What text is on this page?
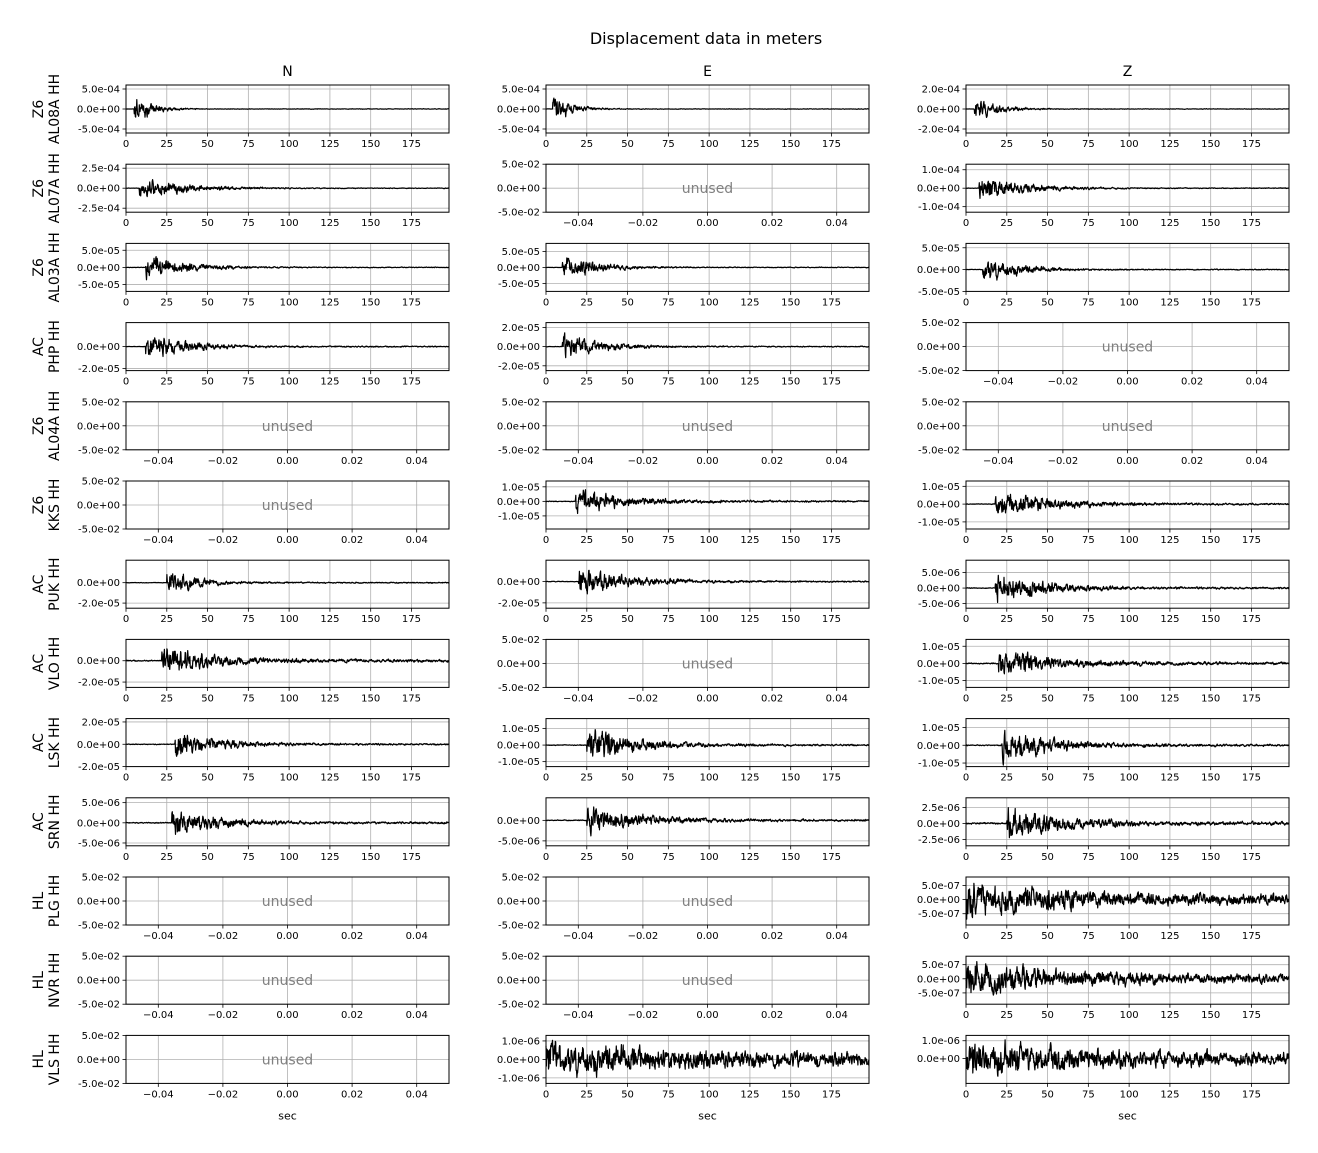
Displacement data in meters
N	E	Z
Z6AL08A HH
Z6AL07A HH
Z6AL03A HH
ACPHP HH
Z6AL04A HH
Z6KKS HH
ACPUK HH
ACVLO HH
ACLSK HH
ACSRN HH
HLPLG HH
HLNVR HH
HLVLS HH
0	25	50	75 100 125 150 175
-5.0e-04
0.0e+00
5.0e-04
0	25	50	75 100 125 150 175
-2.5e-04
0.0e+00
2.5e-04
0	25	50	75 100 125 150 175
-5.0e-05
0.0e+00
5.0e-05
0	25	50	75 100 125 150 175
-2.0e-05
0.0e+00
unused
−0.04	−0.02	0.00	0.02	0.04
-5.0e-02
0.0e+00
5.0e-02
unused
−0.04	−0.02	0.00	0.02	0.04
-5.0e-02
0.0e+00
5.0e-02
0	25	50	75 100 125 150 175
-2.0e-05
0.0e+00
0	25	50	75 100 125 150 175
-2.0e-05
0.0e+00
0	25	50	75 100 125 150 175
-2.0e-05
0.0e+00
2.0e-05
0	25	50	75 100 125 150 175
-5.0e-06
0.0e+00
5.0e-06
unused
−0.04	−0.02	0.00	0.02	0.04
-5.0e-02
0.0e+00
5.0e-02
unused
−0.04	−0.02	0.00	0.02	0.04
-5.0e-02
0.0e+00
5.0e-02
unused
−0.04	−0.02	0.00	0.02	0.04
-5.0e-02
0.0e+00
5.0e-02
0	25	50	75 100 125 150 175
-5.0e-04
0.0e+00
5.0e-04
unused
−0.04	−0.02	0.00	0.02	0.04
-5.0e-02
0.0e+00
5.0e-02
0	25	50	75 100 125 150 175
-5.0e-05
0.0e+00
5.0e-05
0	25	50	75 100 125 150 175
-2.0e-05
0.0e+00
2.0e-05
unused
−0.04	−0.02	0.00	0.02	0.04
-5.0e-02
0.0e+00
5.0e-02
0	25	50	75 100 125 150 175
-1.0e-05
0.0e+00
1.0e-05
0	25	50	75 100 125 150 175
-2.0e-05
0.0e+00
unused
−0.04	−0.02	0.00	0.02	0.04
-5.0e-02
0.0e+00
5.0e-02
0	25	50	75 100 125 150 175
-1.0e-05
0.0e+00
1.0e-05
0	25	50	75 100 125 150 175
-5.0e-06
0.0e+00
unused
−0.04	−0.02	0.00	0.02	0.04
-5.0e-02
0.0e+00
5.0e-02
unused
−0.04	−0.02	0.00	0.02	0.04
-5.0e-02
0.0e+00
5.0e-02
0	25	50	75 100 125 150 175
-1.0e-06
0.0e+00
1.0e-06
0	25	50	75 100 125 150 175
-2.0e-04
0.0e+00
2.0e-04
0	25	50	75 100 125 150 175
-1.0e-04
0.0e+00
1.0e-04
0	25	50	75 100 125 150 175
-5.0e-05
0.0e+00
5.0e-05
unused
−0.04	−0.02	0.00	0.02	0.04
-5.0e-02
0.0e+00
5.0e-02
unused
−0.04	−0.02	0.00	0.02	0.04
-5.0e-02
0.0e+00
5.0e-02
0	25	50	75 100 125 150 175
-1.0e-05
0.0e+00
1.0e-05
0	25	50	75 100 125 150 175
-5.0e-06
0.0e+00
5.0e-06
0	25	50	75 100 125 150 175
-1.0e-05
0.0e+00
1.0e-05
0	25	50	75 100 125 150 175
-1.0e-05
0.0e+00
1.0e-05
0	25	50	75 100 125 150 175
-2.5e-06
0.0e+00
2.5e-06
0	25	50	75 100 125 150 175
-5.0e-07
0.0e+00
5.0e-07
0	25	50	75 100 125 150 175
-5.0e-07
0.0e+00
5.0e-07
0	25	50	75 100 125 150 175
0.0e+00
1.0e-06
sec	sec	sec
